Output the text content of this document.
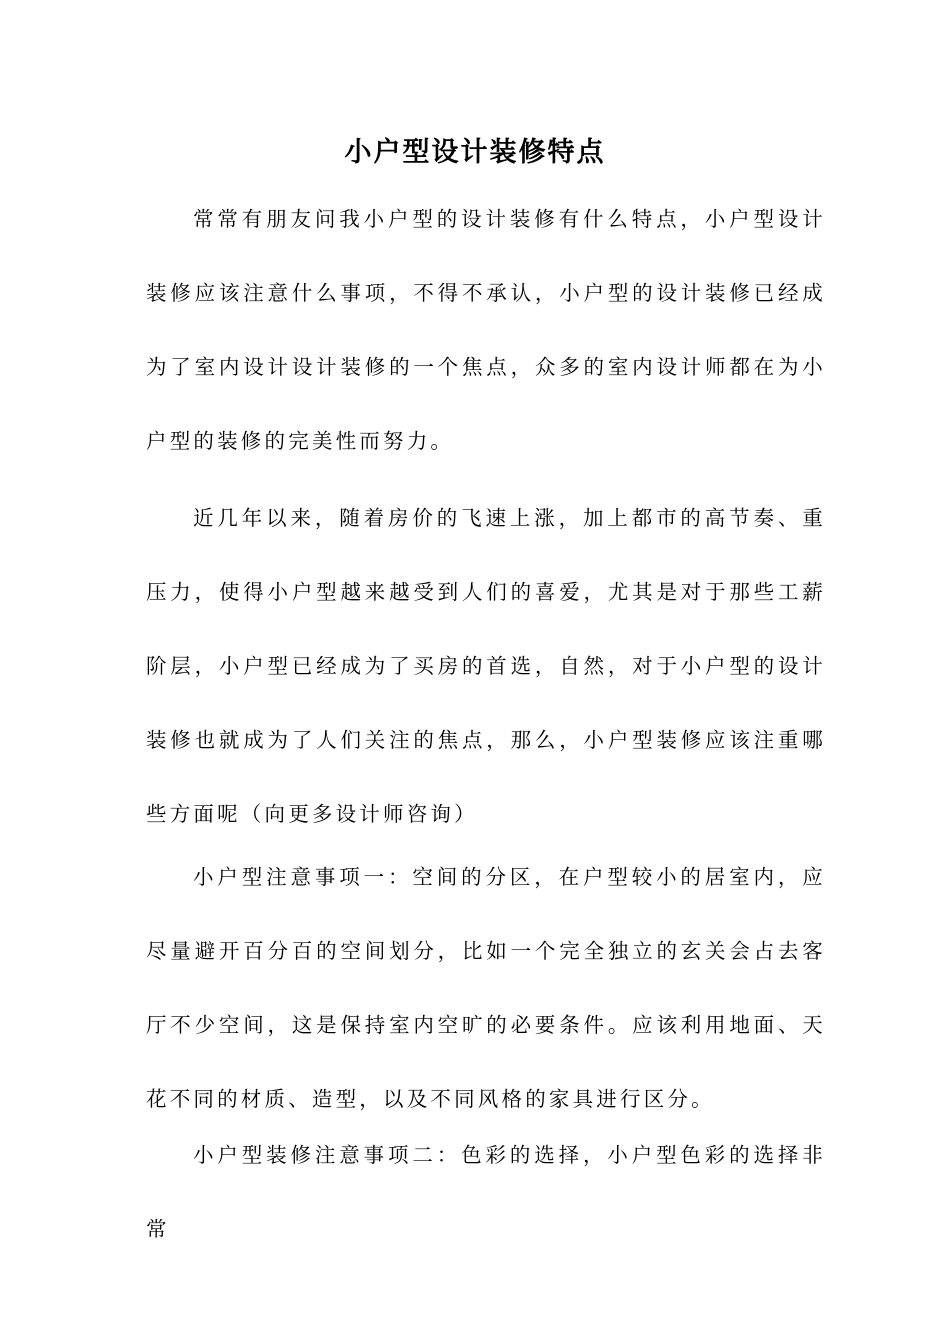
小户型设计装修特点

常常有朋友问我小户型的设计装修有什么特点，小户型设计装修应该注意什么事项，不得不承认，小户型的设计装修已经成为了室内设计设计装修的一个焦点，众多的室内设计师都在为小户型的装修的完美性而努力。

近几年以来，随着房价的飞速上涨，加上都市的高节奏、重压力，使得小户型越来越受到人们的喜爱，尤其是对于那些工薪阶层，小户型已经成为了买房的首选，自然，对于小户型的设计装修也就成为了人们关注的焦点，那么，小户型装修应该注重哪些方面呢（向更多设计师咨询）

小户型注意事项一：空间的分区，在户型较小的居室内，应尽量避开百分百的空间划分，比如一个完全独立的玄关会占去客厅不少空间，这是保持室内空旷的必要条件。应该利用地面、天花不同的材质、造型，以及不同风格的家具进行区分。

小户型装修注意事项二：色彩的选择，小户型色彩的选择非常
